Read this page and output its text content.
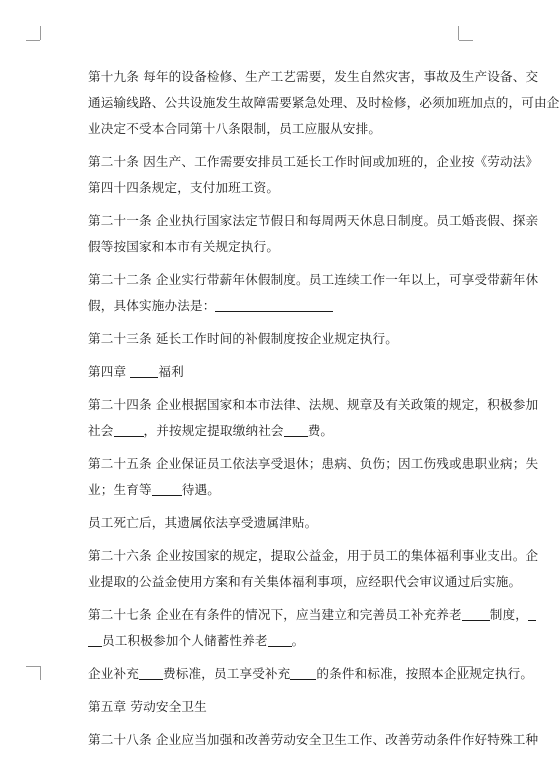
第十九条 每年的设备检修、生产工艺需要，发生自然灾害，事故及生产设备、交
通运输线路、公共设施发生故障需要紧急处理、及时检修，必须加班加点的，可由企
业决定不受本合同第十八条限制，员工应服从安排。
第二十条 因生产、工作需要安排员工延长工作时间或加班的，企业按《劳动法》
第四十四条规定，支付加班工资。
第二十一条 企业执行国家法定节假日和每周两天休息日制度。员工婚丧假、探亲
假等按国家和本市有关规定执行。
第二十二条 企业实行带薪年休假制度。员工连续工作一年以上，可享受带薪年休
假，具体实施办法是：
第二十三条 延长工作时间的补假制度按企业规定执行。
第四章 福利
第二十四条 企业根据国家和本市法律、法规、规章及有关政策的规定，积极参加
社会 ，并按规定提取缴纳社会 费。
第二十五条 企业保证员工依法享受退休；患病、负伤；因工伤残或患职业病；失
业；生育等 待遇。
员工死亡后，其遗属依法享受遗属津贴。
第二十六条 企业按国家的规定，提取公益金，用于员工的集体福利事业支出。企
业提取的公益金使用方案和有关集体福利事项，应经职代会审议通过后实施。
第二十七条 企业在有条件的情况下，应当建立和完善员工补充养老 制度，
员工积极参加个人储蓄性养老 。
企业补充 费标准，员工享受补充 的条件和标准，按照本企业规定执行。
第五章 劳动安全卫生
第二十八条 企业应当加强和改善劳动安全卫生工作、改善劳动条件作好特殊工种
